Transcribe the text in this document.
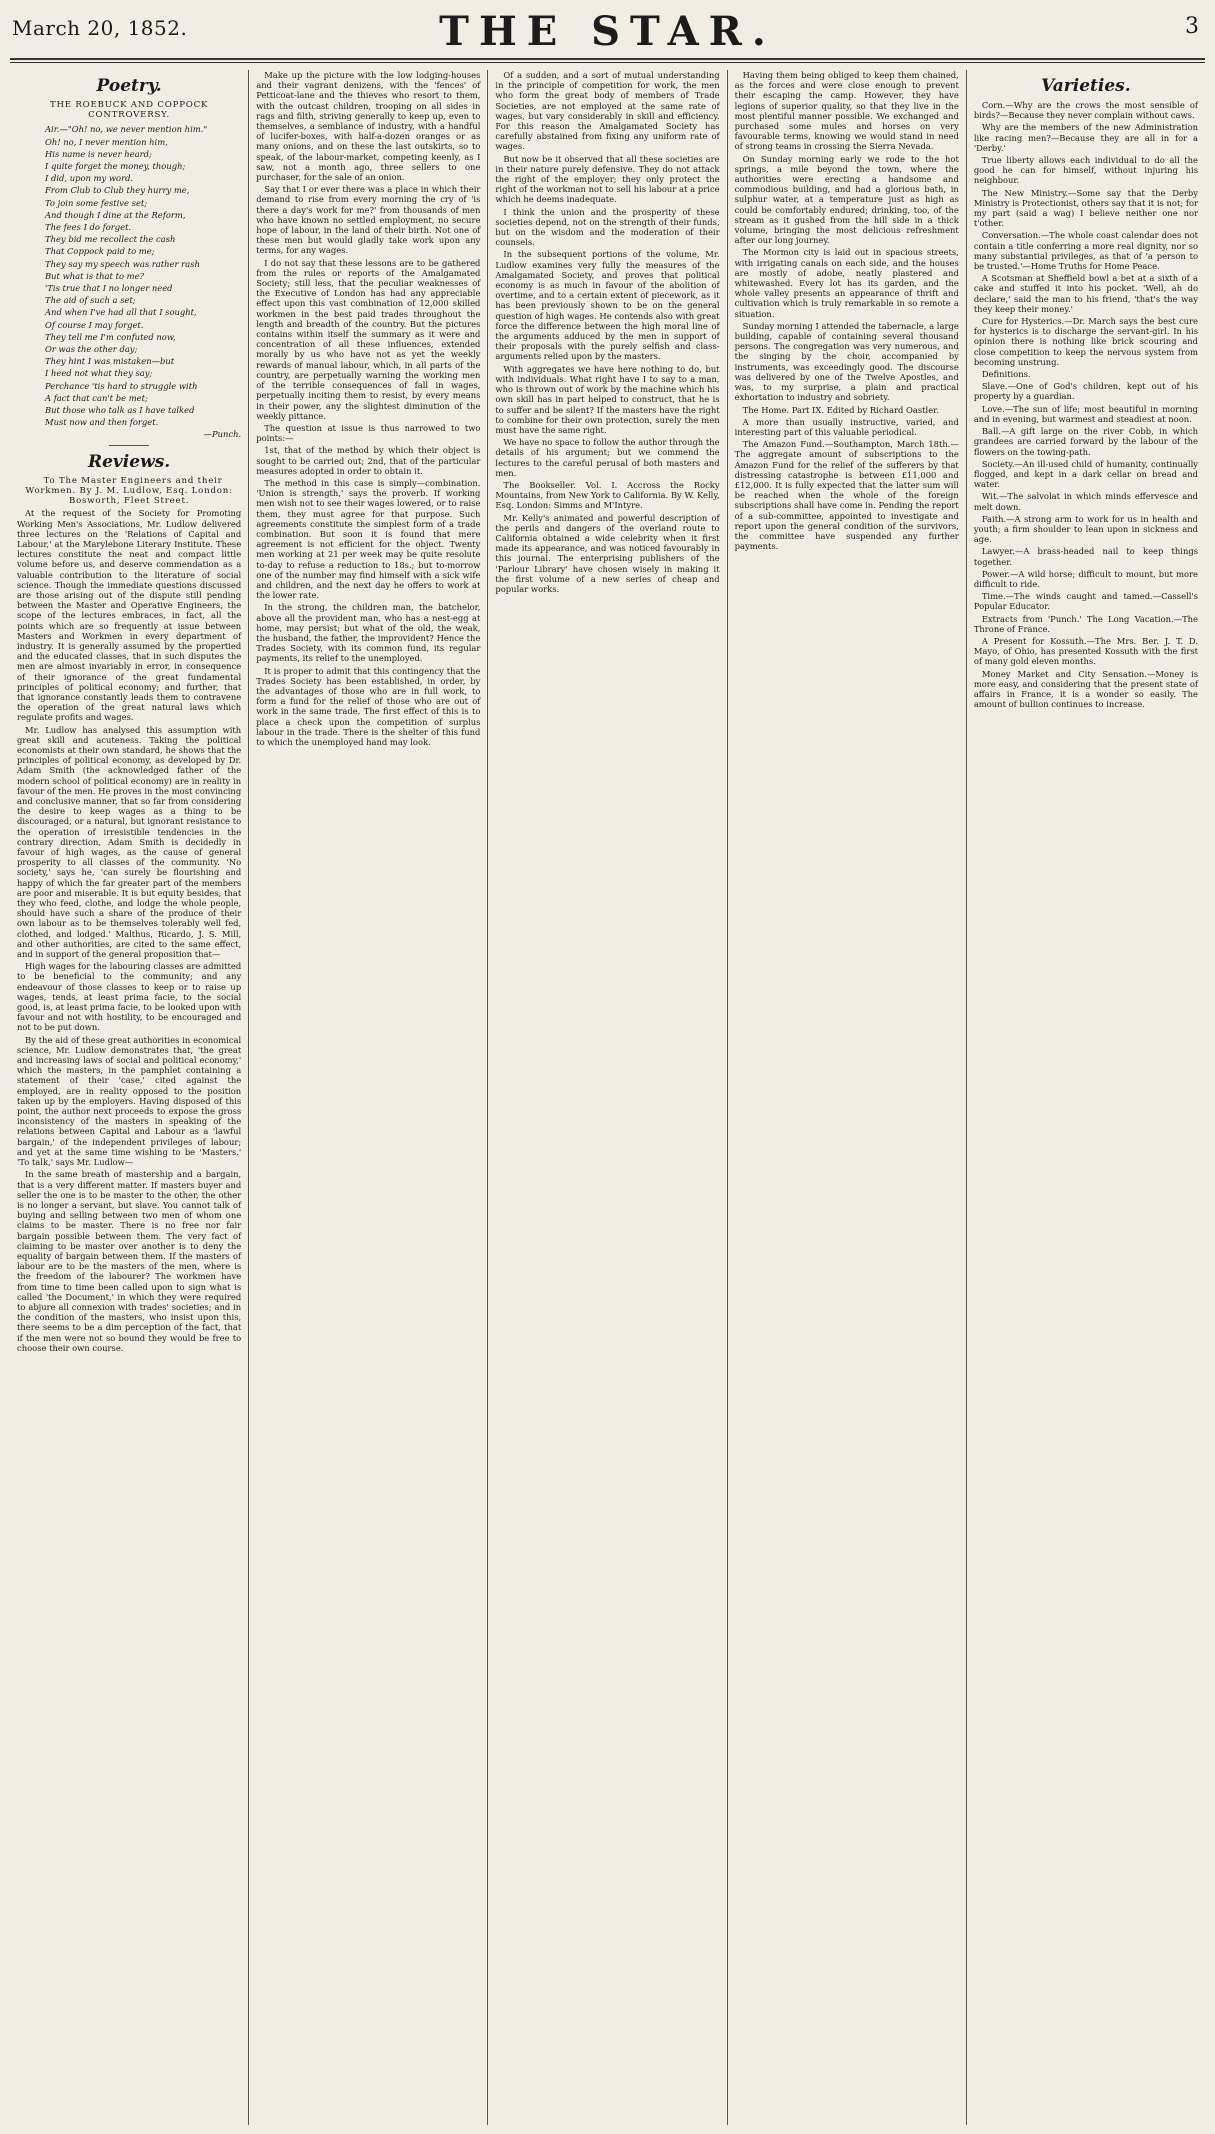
March 20, 1852.	THE STAR.	3
Poetry.
THE ROEBUCK AND COPPOCK CONTROVERSY.

Air.—"Oh! no, we never mention him."

Oh! no, I never mention him,

His name is never heard;

I quite forget the money, though;

I did, upon my word.

From Club to Club they hurry me,

To join some festive set;

And though I dine at the Reform,

The fees I do forget.

They bid me recollect the cash

That Coppock paid to me;

They say my speech was rather rash

But what is that to me?

'Tis true that I no longer need

The aid of such a set;

And when I've had all that I sought,

Of course I may forget.

They tell me I'm confuted now,

Or was the other day;

They hint I was mistaken—but

I heed not what they say;

Perchance 'tis hard to struggle with

A fact that can't be met;

But those who talk as I have talked

Must now and then forget.

—Punch.

Reviews.

To The Master Engineers and their Workmen. By J. M. Ludlow, Esq. London: Bosworth, Fleet Street.

At the request of the Society for Promoting Working Men's Associations, Mr. Ludlow delivered three lectures on the 'Relations of Capital and Labour,' at the Marylebone Literary Institute. These lectures constitute the neat and compact little volume before us, and deserve commendation as a valuable contribution to the literature of social science. Though the immediate questions discussed are those arising out of the dispute still pending between the Master and Operative Engineers, the scope of the lectures embraces, in fact, all the points which are so frequently at issue between Masters and Workmen in every department of industry. It is generally assumed by the propertied and the educated classes, that in such disputes the men are almost invariably in error, in consequence of their ignorance of the great fundamental principles of political economy; and further, that that ignorance constantly leads them to contravene the operation of the great natural laws which regulate profits and wages.

Mr. Ludlow has analysed this assumption with great skill and acuteness. Taking the political economists at their own standard, he shows that the principles of political economy, as developed by Dr. Adam Smith (the acknowledged father of the modern school of political economy) are in reality in favour of the men. He proves in the most convincing and conclusive manner, that so far from considering the desire to keep wages as a thing to be discouraged, or a natural, but ignorant resistance to the operation of irresistible tendencies in the contrary direction, Adam Smith is decidedly in favour of high wages, as the cause of general prosperity to all classes of the community. 'No society,' says he, 'can surely be flourishing and happy of which the far greater part of the members are poor and miserable. It is but equity besides, that they who feed, clothe, and lodge the whole people, should have such a share of the produce of their own labour as to be themselves tolerably well fed, clothed, and lodged.' Malthus, Ricardo, J. S. Mill, and other authorities, are cited to the same effect, and in support of the general proposition that—

High wages for the labouring classes are admitted to be beneficial to the community; and any endeavour of those classes to keep or to raise up wages, tends, at least prima facie, to the social good, is, at least prima facie, to be looked upon with favour and not with hostility, to be encouraged and not to be put down.

By the aid of these great authorities in economical science, Mr. Ludlow demonstrates that, 'the great and increasing laws of social and political economy,' which the masters, in the pamphlet containing a statement of their 'case,' cited against the employed, are in reality opposed to the position taken up by the employers. Having disposed of this point, the author next proceeds to expose the gross inconsistency of the masters in speaking of the relations between Capital and Labour as a 'lawful bargain,' of the independent privileges of labour; and yet at the same time wishing to be 'Masters.' 'To talk,' says Mr. Ludlow—

In the same breath of mastership and a bargain, that is a very different matter. If masters buyer and seller the one is to be master to the other, the other is no longer a servant, but slave. You cannot talk of buying and selling between two men of whom one claims to be master. There is no free nor fair bargain possible between them. The very fact of claiming to be master over another is to deny the equality of bargain between them. If the masters of labour are to be the masters of the men, where is the freedom of the labourer? The workmen have from time to time been called upon to sign what is called 'the Document,' in which they were required to abjure all connexion with trades' societies; and in the condition of the masters, who insist upon this, there seems to be a dim perception of the fact, that if the men were not so bound they would be free to choose their own course.

Make up the picture with the low lodging-houses and their vagrant denizens, with the 'fences' of Petticoat-lane and the thieves who resort to them, with the outcast children, trooping on all sides in rags and filth, striving generally to keep up, even to themselves, a semblance of industry, with a handful of lucifer-boxes, with half-a-dozen oranges or as many onions, and on these the last outskirts, so to speak, of the labour-market, competing keenly, as I saw, not a month ago, three sellers to one purchaser, for the sale of an onion.

Say that I or ever there was a place in which their demand to rise from every morning the cry of 'is there a day's work for me?' from thousands of men who have known no settled employment, no secure hope of labour, in the land of their birth. Not one of these men but would gladly take work upon any terms, for any wages.

I do not say that these lessons are to be gathered from the rules or reports of the Amalgamated Society; still less, that the peculiar weaknesses of the Executive of London has had any appreciable effect upon this vast combination of 12,000 skilled workmen in the best paid trades throughout the length and breadth of the country. But the pictures contains within itself the summary as it were and concentration of all these influences, extended morally by us who have not as yet the weekly rewards of manual labour, which, in all parts of the country, are perpetually warning the working men of the terrible consequences of fall in wages, perpetually inciting them to resist, by every means in their power, any the slightest diminution of the weekly pittance.

The question at issue is thus narrowed to two points:—

1st, that of the method by which their object is sought to be carried out; 2nd, that of the particular measures adopted in order to obtain it.

The method in this case is simply—combination. 'Union is strength,' says the proverb. If working men wish not to see their wages lowered, or to raise them, they must agree for that purpose. Such agreements constitute the simplest form of a trade combination. But soon it is found that mere agreement is not efficient for the object. Twenty men working at 21 per week may be quite resolute to-day to refuse a reduction to 18s.; but to-morrow one of the number may find himself with a sick wife and children, and the next day he offers to work at the lower rate.

In the strong, the children man, the batchelor, above all the provident man, who has a nest-egg at home, may persist; but what of the old, the weak, the husband, the father, the improvident? Hence the Trades Society, with its common fund, its regular payments, its relief to the unemployed.

It is proper to admit that this contingency that the Trades Society has been established, in order, by the advantages of those who are in full work, to form a fund for the relief of those who are out of work in the same trade. The first effect of this is to place a check upon the competition of surplus labour in the trade. There is the shelter of this fund to which the unemployed hand may look.

Of a sudden, and a sort of mutual understanding in the principle of competition for work, the men who form the great body of members of Trade Societies, are not employed at the same rate of wages, but vary considerably in skill and efficiency. For this reason the Amalgamated Society has carefully abstained from fixing any uniform rate of wages.

But now be it observed that all these societies are in their nature purely defensive. They do not attack the right of the employer; they only protect the right of the workman not to sell his labour at a price which he deems inadequate.

I think the union and the prosperity of these societies depend, not on the strength of their funds, but on the wisdom and the moderation of their counsels.

In the subsequent portions of the volume, Mr. Ludlow examines very fully the measures of the Amalgamated Society, and proves that political economy is as much in favour of the abolition of overtime, and to a certain extent of piecework, as it has been previously shown to be on the general question of high wages. He contends also with great force the difference between the high moral line of the arguments adduced by the men in support of their proposals with the purely selfish and class-arguments relied upon by the masters.

With aggregates we have here nothing to do, but with individuals. What right have I to say to a man, who is thrown out of work by the machine which his own skill has in part helped to construct, that he is to suffer and be silent? If the masters have the right to combine for their own protection, surely the men must have the same right.

We have no space to follow the author through the details of his argument; but we commend the lectures to the careful perusal of both masters and men.

The Bookseller. Vol. I. Accross the Rocky Mountains, from New York to California. By W. Kelly, Esq. London: Simms and M'Intyre.

Mr. Kelly's animated and powerful description of the perils and dangers of the overland route to California obtained a wide celebrity when it first made its appearance, and was noticed favourably in this journal. The enterprising publishers of the 'Parlour Library' have chosen wisely in making it the first volume of a new series of cheap and popular works.

Having them being obliged to keep them chained, as the forces and were close enough to prevent their escaping the camp. However, they have legions of superior quality, so that they live in the most plentiful manner possible. We exchanged and purchased some mules and horses on very favourable terms, knowing we would stand in need of strong teams in crossing the Sierra Nevada.

On Sunday morning early we rode to the hot springs, a mile beyond the town, where the authorities were erecting a handsome and commodious building, and had a glorious bath, in sulphur water, at a temperature just as high as could be comfortably endured; drinking, too, of the stream as it gushed from the hill side in a thick volume, bringing the most delicious refreshment after our long journey.

The Mormon city is laid out in spacious streets, with irrigating canals on each side, and the houses are mostly of adobe, neatly plastered and whitewashed. Every lot has its garden, and the whole valley presents an appearance of thrift and cultivation which is truly remarkable in so remote a situation.

Sunday morning I attended the tabernacle, a large building, capable of containing several thousand persons. The congregation was very numerous, and the singing by the choir, accompanied by instruments, was exceedingly good. The discourse was delivered by one of the Twelve Apostles, and was, to my surprise, a plain and practical exhortation to industry and sobriety.

The Home. Part IX. Edited by Richard Oastler.

A more than usually instructive, varied, and interesting part of this valuable periodical.

The Amazon Fund.—Southampton, March 18th.—The aggregate amount of subscriptions to the Amazon Fund for the relief of the sufferers by that distressing catastrophe is between £11,000 and £12,000. It is fully expected that the latter sum will be reached when the whole of the foreign subscriptions shall have come in. Pending the report of a sub-committee, appointed to investigate and report upon the general condition of the survivors, the committee have suspended any further payments.

Varieties.

Corn.—Why are the crows the most sensible of birds?—Because they never complain without caws.

Why are the members of the new Administration like racing men?—Because they are all in for a 'Derby.'

True liberty allows each individual to do all the good he can for himself, without injuring his neighbour.

The New Ministry.—Some say that the Derby Ministry is Protectionist, others say that it is not; for my part (said a wag) I believe neither one nor t'other.

Conversation.—The whole coast calendar does not contain a title conferring a more real dignity, nor so many substantial privileges, as that of 'a person to be trusted.'—Home Truths for Home Peace.

A Scotsman at Sheffield bowl a bet at a sixth of a cake and stuffed it into his pocket. 'Well, ah do declare,' said the man to his friend, 'that's the way they keep their money.'

Cure for Hysterics.—Dr. March says the best cure for hysterics is to discharge the servant-girl. In his opinion there is nothing like brick scouring and close competition to keep the nervous system from becoming unstrung.

Definitions.

Slave.—One of God's children, kept out of his property by a guardian.

Love.—The sun of life; most beautiful in morning and in evening, but warmest and steadiest at noon.

Ball.—A gift large on the river Cobb, in which grandees are carried forward by the labour of the flowers on the towing-path.

Society.—An ill-used child of humanity, continually flogged, and kept in a dark cellar on bread and water.

Wit.—The salvolat in which minds effervesce and melt down.

Faith.—A strong arm to work for us in health and youth; a firm shoulder to lean upon in sickness and age.

Lawyer.—A brass-headed nail to keep things together.

Power.—A wild horse; difficult to mount, but more difficult to ride.

Time.—The winds caught and tamed.—Cassell's Popular Educator.

Extracts from 'Punch.' The Long Vacation.—The Throne of France.

A Present for Kossuth.—The Mrs. Ber. J. T. D. Mayo, of Ohio, has presented Kossuth with the first of many gold eleven months.

Money Market and City Sensation.—Money is more easy, and considering that the present state of affairs in France, it is a wonder so easily. The amount of bullion continues to increase.
